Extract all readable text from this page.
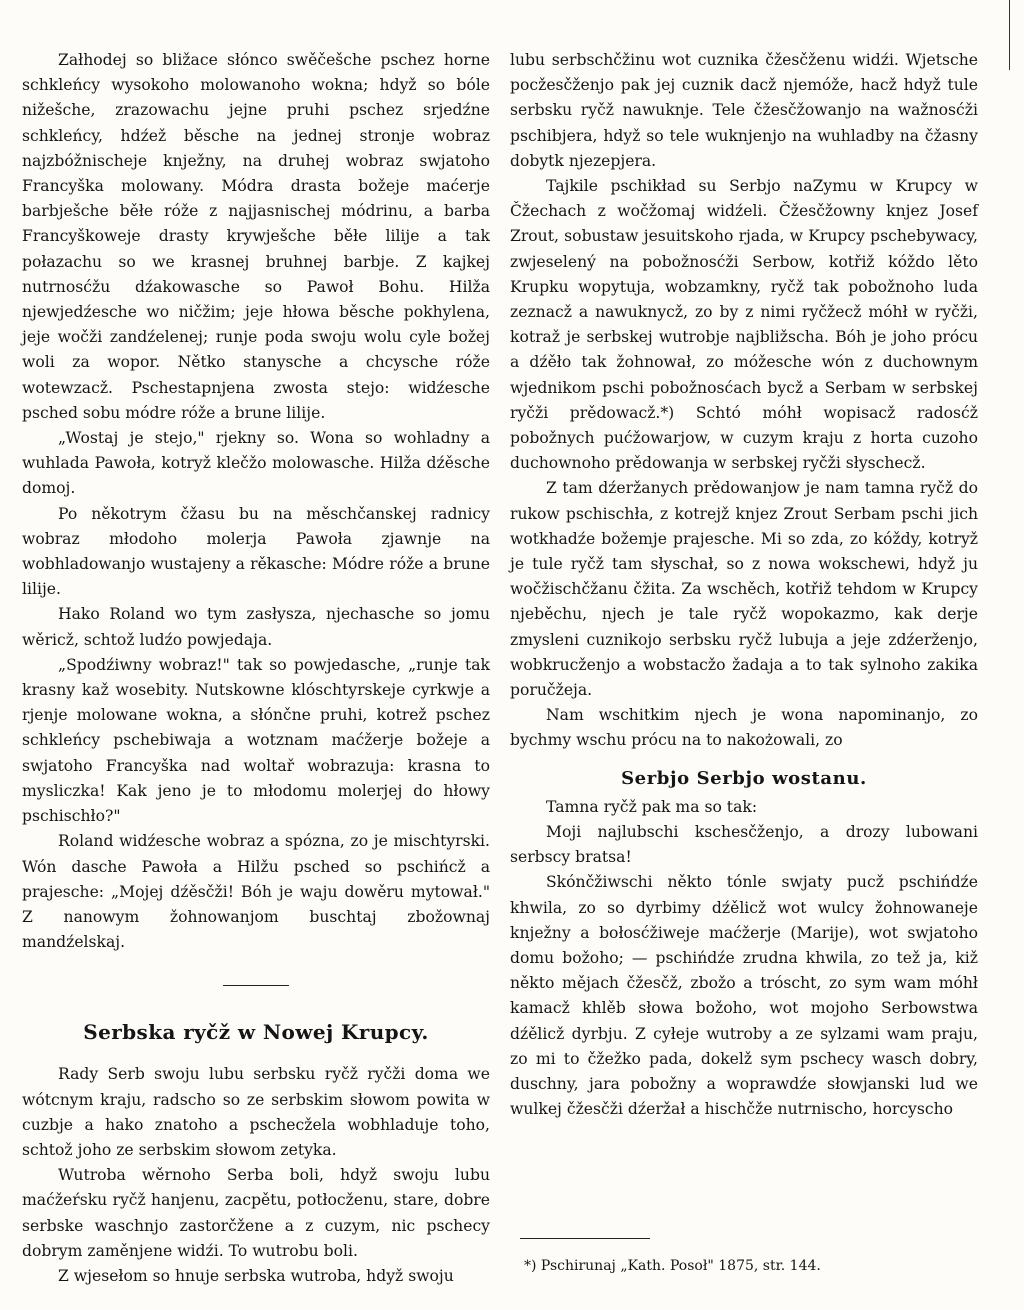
Załhodej so bližace słónco swěčešche pschez horne schkleńcy wysokoho molowanoho wokna; hdyž so bóle nižešche, zrazowachu jejne pruhi pschez srjedźne schkleńcy, hdźež běsche na jednej stronje wobraz najzbóžnischeje knježny, na druhej wobraz swjatoho Francyška molowany. Módra drasta božeje maćerje barbješche běłe róže z najjasnischej módrinu, a barba Francyškoweje drasty krywješche běłe lilije a tak połazachu so we krasnej bruhnej barbje. Z kajkej nutrnosćžu dźakowasche so Pawoł Bohu. Hilža njewjedźesche wo ničžim; jeje hłowa běsche pokhylena, jeje wočži zandźelenej; runje poda swoju wolu cyle božej woli za wopor. Nětko stanysche a chcysche róže wotewzacž. Pschestapnjena zwosta stejo: widźesche psched sobu módre róže a brune lilije.

„Wostaj je stejo," rjekny so. Wona so wohladny a wuhlada Pawoła, kotryž klečžo molowasche. Hilža dźěsche domoj.

Po někotrym čžasu bu na měschčanskej radnicy wobraz młodoho molerja Pawoła zjawnje na wobhladowanjo wustajeny a rěkasche: Módre róže a brune lilije.

Hako Roland wo tym zasłysza, njechasche so jomu wěricž, schtož ludźo powjedaja.

„Spodźiwny wobraz!" tak so powjedasche, „runje tak krasny kaž wosebity. Nutskowne klóschtyrskeje cyrkwje a rjenje molowane wokna, a słónčne pruhi, kotrež pschez schkleńcy pschebiwaja a wotznam maćžerje božeje a swjatoho Francyška nad woltař wobrazuja: krasna to mysliczka! Kak jeno je to młodomu molerjej do hłowy pschischło?"

Roland widźesche wobraz a spózna, zo je mischtyrski. Wón dasche Pawoła a Hilžu psched so pschińcž a prajesche: „Mojej dźěsčži! Bóh je waju dowěru mytował." Z nanowym žohnowanjom buschtaj zbožownaj mandźelskaj.

Serbska ryčž w Nowej Krupcy.

Rady Serb swoju lubu serbsku ryčž ryčži doma we wótcnym kraju, radscho so ze serbskim słowom powita w cuzbje a hako znatoho a pschecžela wobhladuje toho, schtož joho ze serbskim słowom zetyka.

Wutroba wěrnoho Serba boli, hdyž swoju lubu maćžeŕsku ryčž hanjenu, zacpětu, potłocženu, stare, dobre serbske waschnjo zastorčžene a z cuzym, nic pschecy dobrym zaměnjene widźi. To wutrobu boli.

Z wjesełom so hnuje serbska wutroba, hdyž swoju

lubu serbschčžinu wot cuznika čžesčženu widźi. Wjetsche pocžesčženjo pak jej cuznik dacž njemóže, hacž hdyž tule serbsku ryčž nawuknje. Tele čžesčžowanjo na wažnosćži pschibjera, hdyž so tele wuknjenjo na wuhladby na čžasny dobytk njezepjera.

Tajkile pschikład su Serbjo naZymu w Krupcy w Čžechach z wočžomaj widźeli. Čžesčžowny knjez Josef Zrout, sobustaw jesuitskoho rjada, w Krupcy pschebywacy, zwjeselený na pobožnosćži Serbow, kotřiž kóždo lěto Krupku wopytuja, wobzamkny, ryčž tak pobožnoho luda zeznacž a nawuknycž, zo by z nimi ryčžecž móhł w ryčži, kotraž je serbskej wutrobje najbližscha. Bóh je joho prócu a dźěło tak žohnował, zo móžesche wón z duchownym wjednikom pschi pobožnosćach bycž a Serbam w serbskej ryčži prědowacž.*) Schtó móhł wopisacž radosćž pobožnych pućžowarjow, w cuzym kraju z horta cuzoho duchownoho prědowanja w serbskej ryčži słyschecž.

Z tam dźeržanych prědowanjow je nam tamna ryčž do rukow pschischła, z kotrejž knjez Zrout Serbam pschi jich wotkhadźe božemje prajesche. Mi so zda, zo kóždy, kotryž je tule ryčž tam słyschał, so z nowa wokschewi, hdyž ju wočžischčžanu čžita. Za wschěch, kotřiž tehdom w Krupcy njeběchu, njech je tale ryčž wopokazmo, kak derje zmysleni cuznikojo serbsku ryčž lubuja a jeje zdźerženjo, wobkrucženjo a wobstacžo žadaja a to tak sylnoho zakika poručžeja.

Nam wschitkim njech je wona napominanjo, zo bychmy wschu prócu na to nakożowali, zo

Serbjo Serbjo wostanu.

Tamna ryčž pak ma so tak:

Moji najlubschi kschesčženjo, a drozy lubowani serbscy bratsa!

Skónčžiwschi někto tónle swjaty pucž pschińdźe khwila, zo so dyrbimy dźělicž wot wulcy žohnowaneje knježny a bołosćžiweje maćžerje (Marije), wot swjatoho domu božoho; — pschińdźe zrudna khwila, zo tež ja, kiž někto mějach čžesčž, zbožo a tróscht, zo sym wam móhł kamacž khlěb słowa božoho, wot mojoho Serbowstwa dźělicž dyrbju. Z cyłeje wutroby a ze sylzami wam praju, zo mi to čžežko pada, dokelž sym pschecy wasch dobry, duschny, jara pobožny a woprawdźe słowjanski lud we wulkej čžesčži dźeržał a hischčže nutrnischo, horcyscho

*) Pschirunaj „Kath. Posoł" 1875, str. 144.
